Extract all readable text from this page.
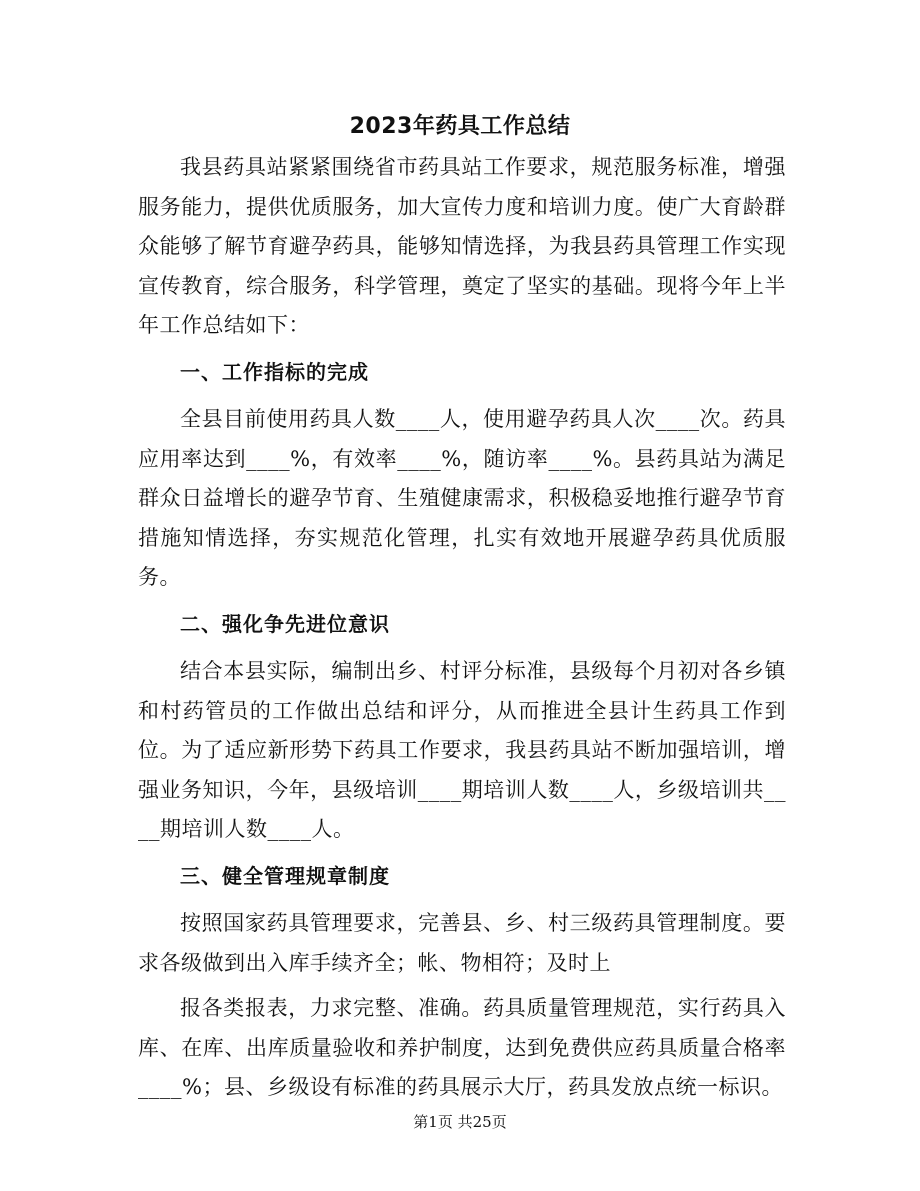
2023年药具工作总结

我县药具站紧紧围绕省市药具站工作要求，规范服务标准，增强服务能力，提供优质服务，加大宣传力度和培训力度。使广大育龄群众能够了解节育避孕药具，能够知情选择，为我县药具管理工作实现宣传教育，综合服务，科学管理，奠定了坚实的基础。现将今年上半年工作总结如下：

一、工作指标的完成

全县目前使用药具人数____人，使用避孕药具人次____次。药具应用率达到____%，有效率____%，随访率____%。县药具站为满足群众日益增长的避孕节育、生殖健康需求，积极稳妥地推行避孕节育措施知情选择，夯实规范化管理，扎实有效地开展避孕药具优质服务。

二、强化争先进位意识

结合本县实际，编制出乡、村评分标准，县级每个月初对各乡镇和村药管员的工作做出总结和评分，从而推进全县计生药具工作到位。为了适应新形势下药具工作要求，我县药具站不断加强培训，增强业务知识，今年，县级培训____期培训人数____人，乡级培训共____期培训人数____人。

三、健全管理规章制度

按照国家药具管理要求，完善县、乡、村三级药具管理制度。要求各级做到出入库手续齐全；帐、物相符；及时上

报各类报表，力求完整、准确。药具质量管理规范，实行药具入库、在库、出库质量验收和养护制度，达到免费供应药具质量合格率____%；县、乡级设有标准的药具展示大厅，药具发放点统一标识。

第1页 共25页
